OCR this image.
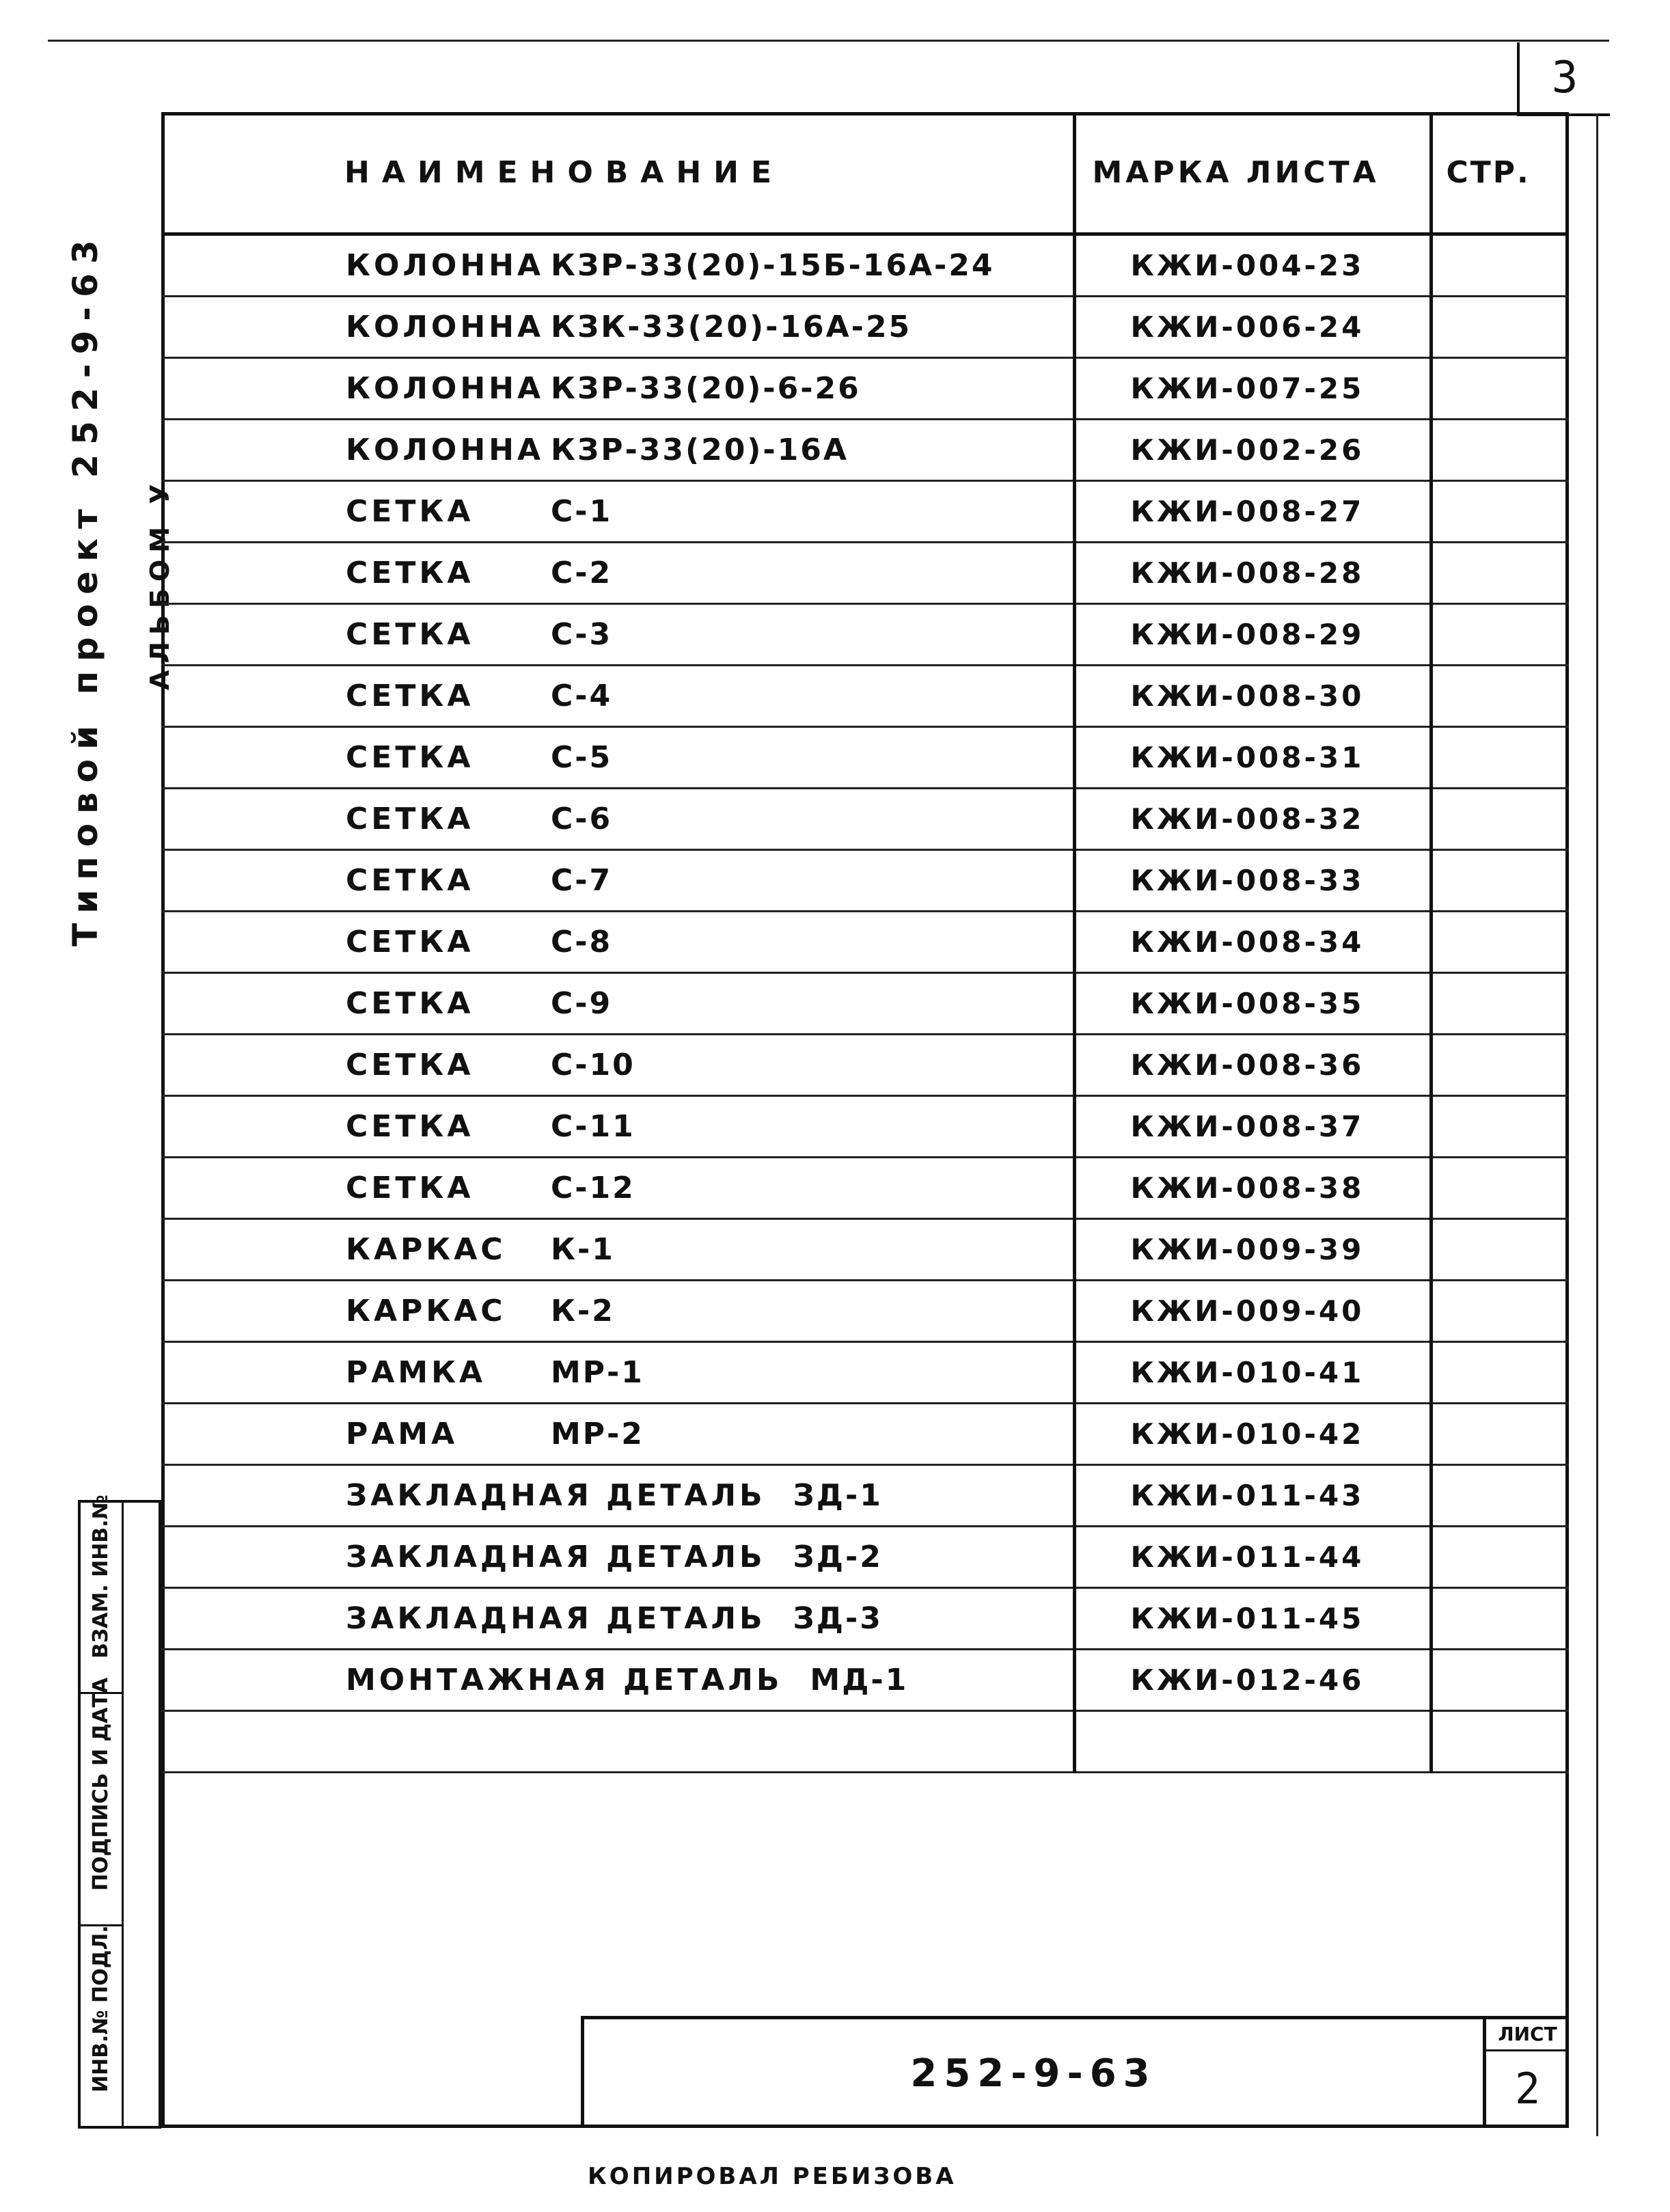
3
Типовой проект 252-9-63 АЛЬБОМ У
НАИМЕНОВАНИЕ	МАРКА ЛИСТА	СТР.
КОЛОННА КЗР-33(20)-15Б-16А-24	КЖИ-004-23	
КОЛОННА КЗК-33(20)-16А-25	КЖИ-006-24	
КОЛОННА КЗР-33(20)-6-26	КЖИ-007-25	
КОЛОННА КЗР-33(20)-16А	КЖИ-002-26	
СЕТКА С-1	КЖИ-008-27	
СЕТКА С-2	КЖИ-008-28	
СЕТКА С-3	КЖИ-008-29	
СЕТКА С-4	КЖИ-008-30	
СЕТКА С-5	КЖИ-008-31	
СЕТКА С-6	КЖИ-008-32	
СЕТКА С-7	КЖИ-008-33	
СЕТКА С-8	КЖИ-008-34	
СЕТКА С-9	КЖИ-008-35	
СЕТКА С-10	КЖИ-008-36	
СЕТКА С-11	КЖИ-008-37	
СЕТКА С-12	КЖИ-008-38	
КАРКАС К-1	КЖИ-009-39	
КАРКАС К-2	КЖИ-009-40	
РАМКА МР-1	КЖИ-010-41	
РАМА МР-2	КЖИ-010-42	
ЗАКЛАДНАЯ ДЕТАЛЬ ЗД-1	КЖИ-011-43	
ЗАКЛАДНАЯ ДЕТАЛЬ ЗД-2	КЖИ-011-44	
ЗАКЛАДНАЯ ДЕТАЛЬ ЗД-3	КЖИ-011-45	
МОНТАЖНАЯ ДЕТАЛЬ МД-1	КЖИ-012-46	

ВЗАМ. ИНВ.№
ПОДПИСЬ И ДАТА
ИНВ.№ ПОДЛ.	252-9-63
ЛИСТ
2
КОПИРОВАЛ РЕБИЗОВА
